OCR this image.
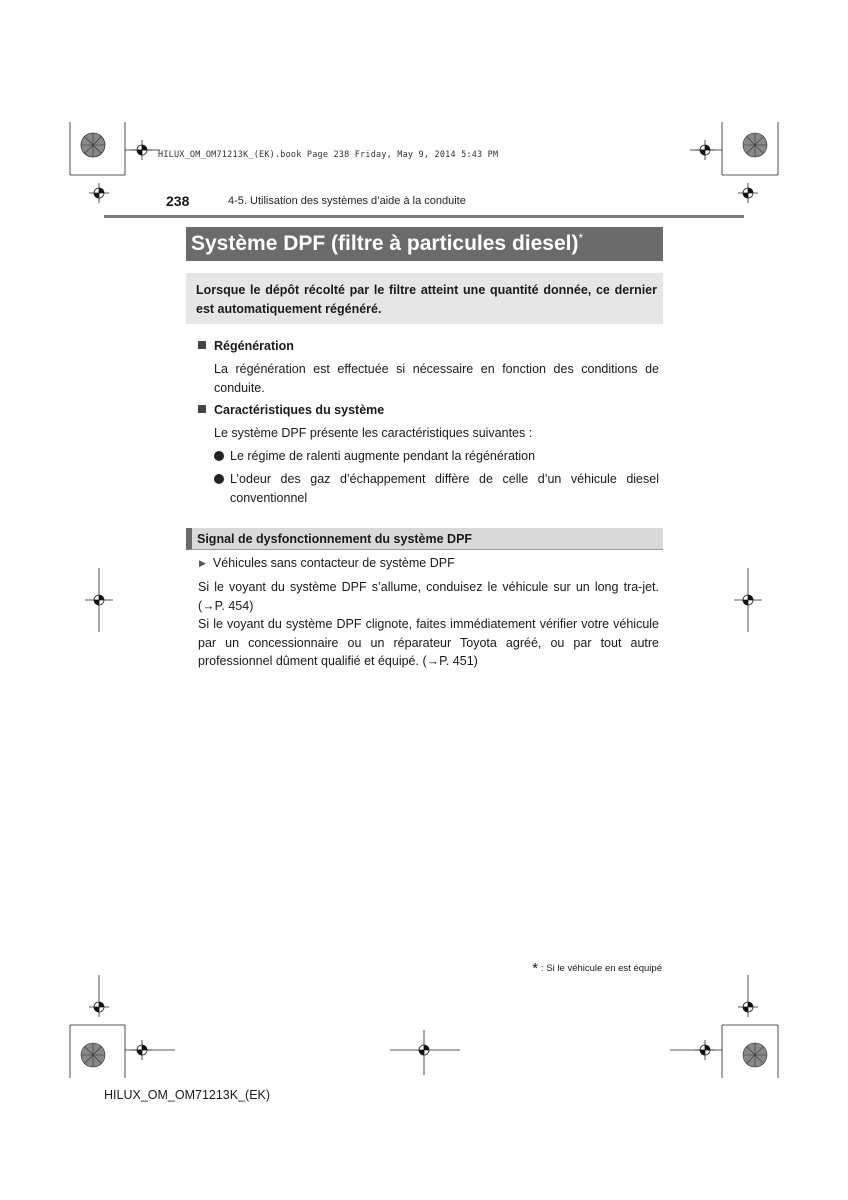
HILUX_OM_OM71213K_(EK).book Page 238 Friday, May 9, 2014 5:43 PM
238	4-5. Utilisation des systèmes d’aide à la conduite
Système DPF (filtre à particules diesel)*
Lorsque le dépôt récolté par le filtre atteint une quantité donnée, ce dernier est automatiquement régénéré.
Régénération
La régénération est effectuée si nécessaire en fonction des conditions de conduite.
Caractéristiques du système
Le système DPF présente les caractéristiques suivantes :
Le régime de ralenti augmente pendant la régénération
L’odeur des gaz d’échappement diffère de celle d’un véhicule diesel conventionnel
Signal de dysfonctionnement du système DPF
▶ Véhicules sans contacteur de système DPF
Si le voyant du système DPF s’allume, conduisez le véhicule sur un long tra-jet. (→P. 454)
Si le voyant du système DPF clignote, faites immédiatement vérifier votre véhicule par un concessionnaire ou un réparateur Toyota agréé, ou par tout autre professionnel dûment qualifié et équipé. (→P. 451)
* : Si le véhicule en est équipé
HILUX_OM_OM71213K_(EK)
